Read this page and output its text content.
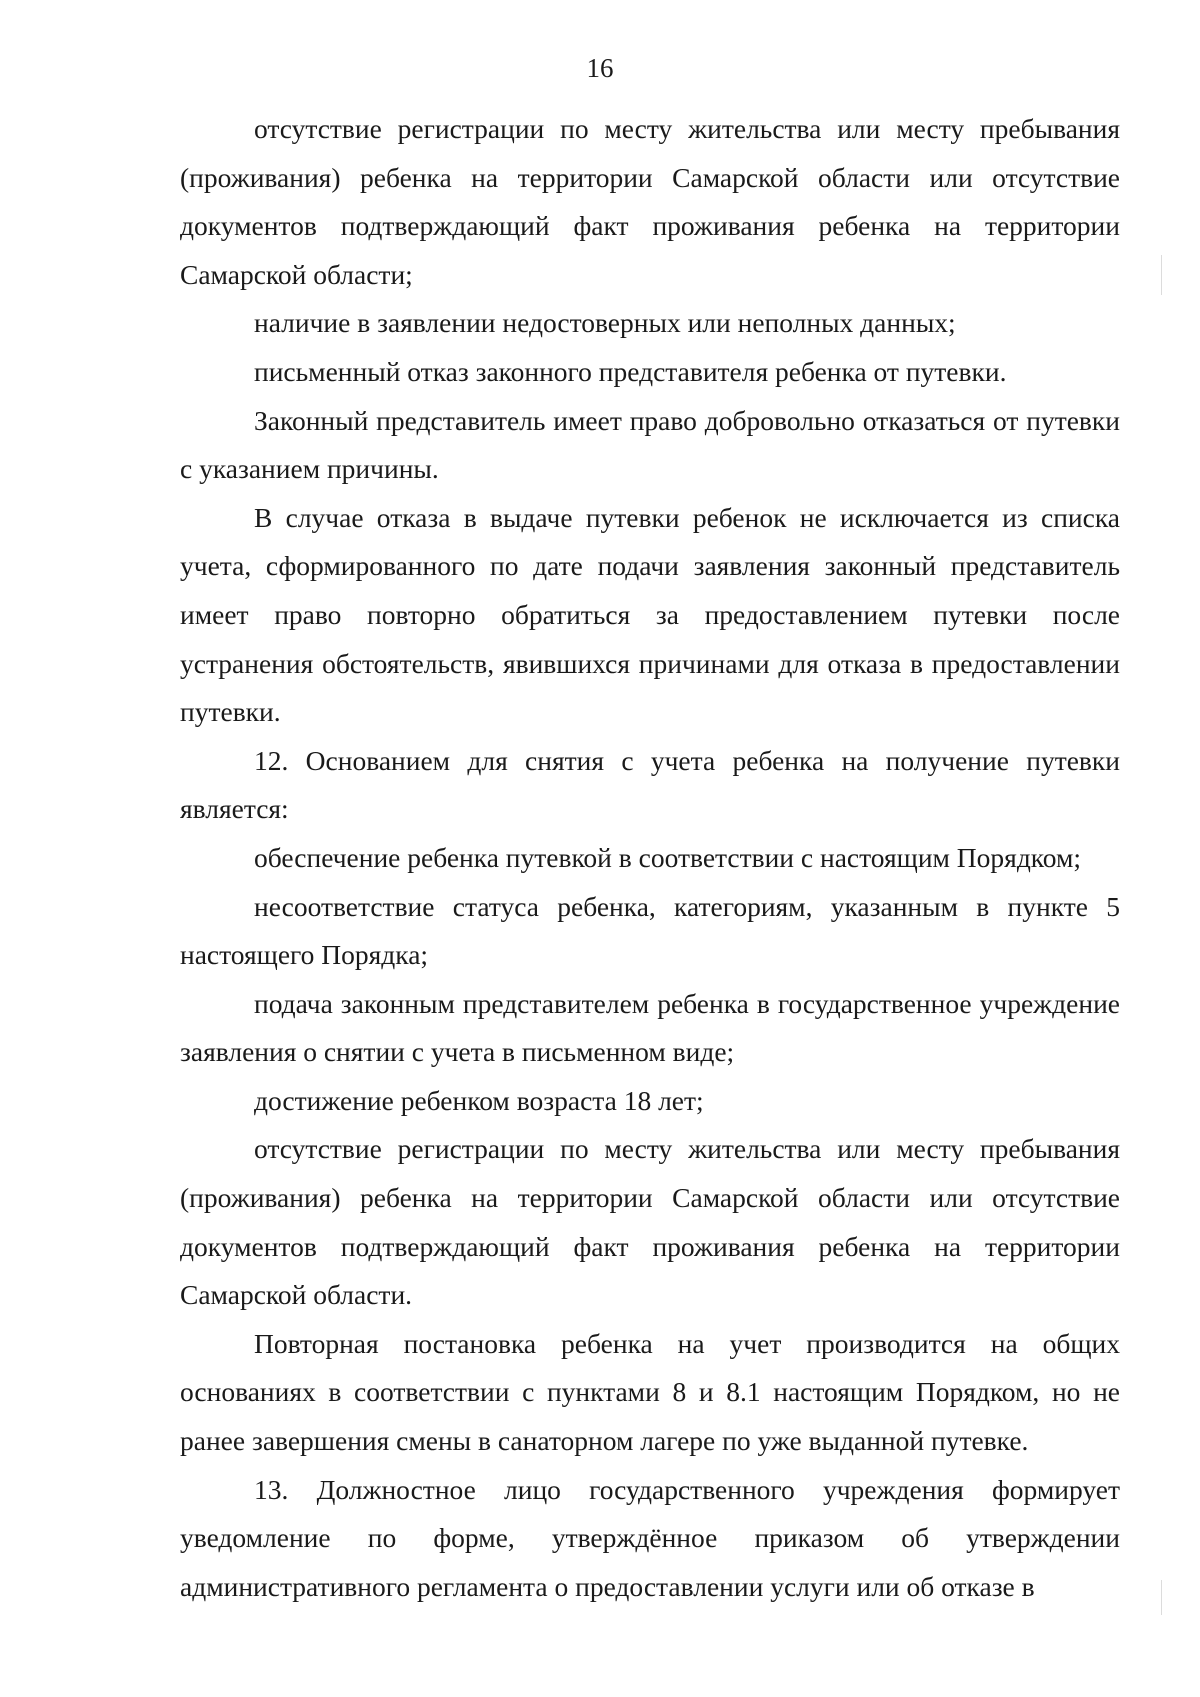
16

отсутствие регистрации по месту жительства или месту пребывания (проживания) ребенка на территории Самарской области или отсутствие документов подтверждающий факт проживания ребенка на территории Самарской области;

наличие в заявлении недостоверных или неполных данных;

письменный отказ законного представителя ребенка от путевки.

Законный представитель имеет право добровольно отказаться от путевки с указанием причины.

В случае отказа в выдаче путевки ребенок не исключается из списка учета, сформированного по дате подачи заявления законный представитель имеет право повторно обратиться за предоставлением путевки после устранения обстоятельств, явившихся причинами для отказа в предоставлении путевки.

12. Основанием для снятия с учета ребенка на получение путевки является:

обеспечение ребенка путевкой в соответствии с настоящим Порядком;

несоответствие статуса ребенка, категориям, указанным в пункте 5 настоящего Порядка;

подача законным представителем ребенка в государственное учреждение заявления о снятии с учета в письменном виде;

достижение ребенком возраста 18 лет;

отсутствие регистрации по месту жительства или месту пребывания (проживания) ребенка на территории Самарской области или отсутствие документов подтверждающий факт проживания ребенка на территории Самарской области.

Повторная постановка ребенка на учет производится на общих основаниях в соответствии с пунктами 8 и 8.1 настоящим Порядком, но не ранее завершения смены в санаторном лагере по уже выданной путевке.

13. Должностное лицо государственного учреждения формирует уведомление по форме, утверждённое приказом об утверждении административного регламента о предоставлении услуги или об отказе в
